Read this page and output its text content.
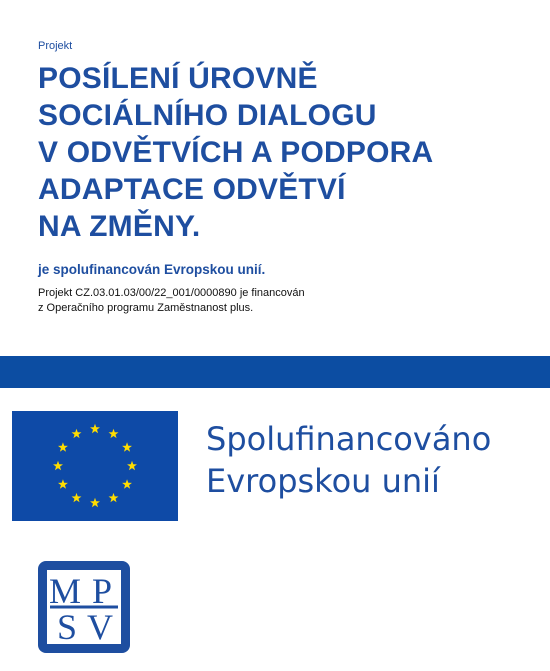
Projekt
POSÍLENÍ ÚROVNĚ
SOCIÁLNÍHO DIALOGU
V ODVĚTVÍCH A PODPORA
ADAPTACE ODVĚTVÍ
NA ZMĚNY.
je spolufinancován Evropskou unií.
Projekt CZ.03.01.03/00/22_001/0000890 je financován
z Operačního programu Zaměstnanost plus.
Spolufinancováno
Evropskou unií
M P
S V
